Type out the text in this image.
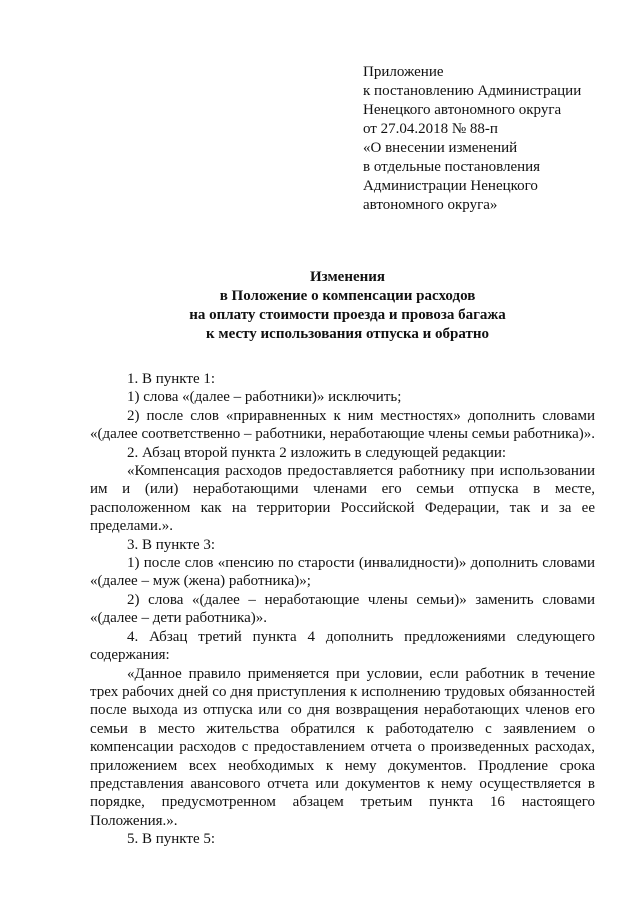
Приложение
к постановлению Администрации
Ненецкого автономного округа
от 27.04.2018 № 88-п
«О внесении изменений
в отдельные постановления
Администрации Ненецкого
автономного округа»
Изменения
в Положение о компенсации расходов
на оплату стоимости проезда и провоза багажа
к месту использования отпуска и обратно

1. В пункте 1:

1) слова «(далее – работники)» исключить;

2) после слов «приравненных к ним местностях» дополнить словами «(далее соответственно – работники, неработающие члены семьи работника)».

2. Абзац второй пункта 2 изложить в следующей редакции:

«Компенсация расходов предоставляется работнику при использовании им и (или) неработающими членами его семьи отпуска в месте, расположенном как на территории Российской Федерации, так и за ее пределами.».

3. В пункте 3:

1) после слов «пенсию по старости (инвалидности)» дополнить словами «(далее – муж (жена) работника)»;

2) слова «(далее – неработающие члены семьи)» заменить словами «(далее – дети работника)».

4. Абзац третий пункта 4 дополнить предложениями следующего содержания:

«Данное правило применяется при условии, если работник в течение трех рабочих дней со дня приступления к исполнению трудовых обязанностей после выхода из отпуска или со дня возвращения неработающих членов его семьи в место жительства обратился к работодателю с заявлением о компенсации расходов с предоставлением отчета о произведенных расходах, приложением всех необходимых к нему документов. Продление срока представления авансового отчета или документов к нему осуществляется в порядке, предусмотренном абзацем третьим пункта 16 настоящего Положения.».

5. В пункте 5:
